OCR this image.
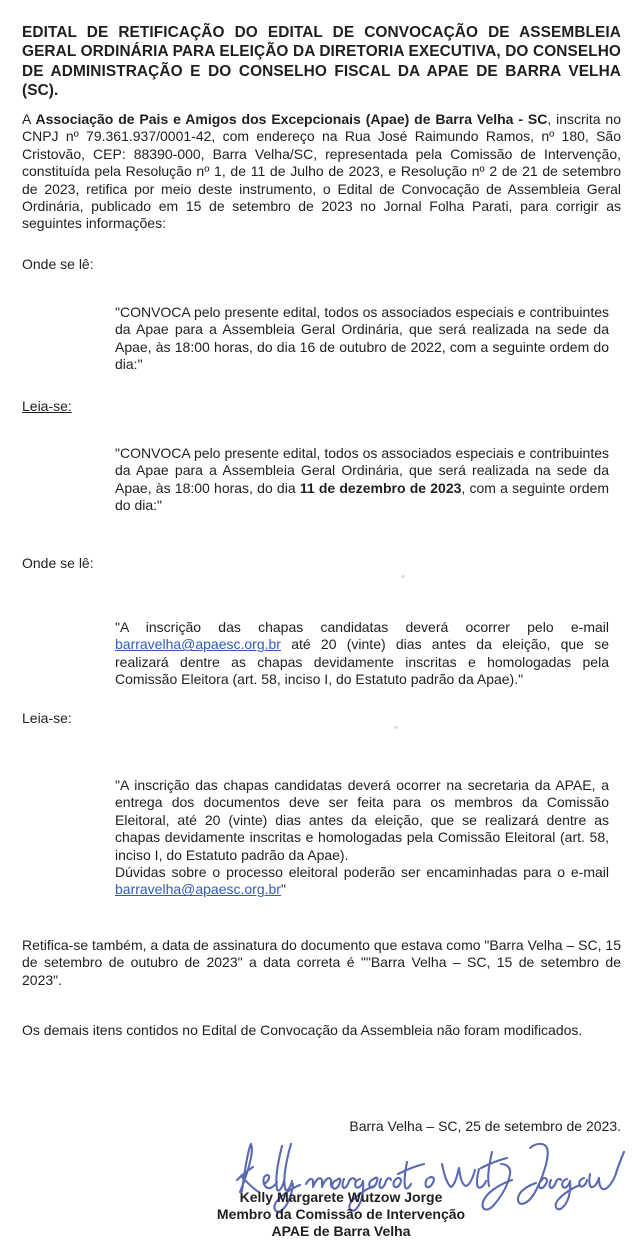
EDITAL DE RETIFICAÇÃO DO EDITAL DE CONVOCAÇÃO DE ASSEMBLEIA GERAL ORDINÁRIA PARA ELEIÇÃO DA DIRETORIA EXECUTIVA, DO CONSELHO DE ADMINISTRAÇÃO E DO CONSELHO FISCAL DA APAE DE BARRA VELHA (SC).

A Associação de Pais e Amigos dos Excepcionais (Apae) de Barra Velha - SC, inscrita no CNPJ nº 79.361.937/0001-42, com endereço na Rua José Raimundo Ramos, nº 180, São Cristovão, CEP: 88390-000, Barra Velha/SC, representada pela Comissão de Intervenção, constituída pela Resolução nº 1, de 11 de Julho de 2023, e Resolução nº 2 de 21 de setembro de 2023, retifica por meio deste instrumento, o Edital de Convocação de Assembleia Geral Ordinária, publicado em 15 de setembro de 2023 no Jornal Folha Parati, para corrigir as seguintes informações:

Onde se lê:

"CONVOCA pelo presente edital, todos os associados especiais e contribuintes da Apae para a Assembleia Geral Ordinária, que será realizada na sede da Apae, às 18:00 horas, do dia 16 de outubro de 2022, com a seguinte ordem do dia:"

Leia-se:

"CONVOCA pelo presente edital, todos os associados especiais e contribuintes da Apae para a Assembleia Geral Ordinária, que será realizada na sede da Apae, às 18:00 horas, do dia 11 de dezembro de 2023, com a seguinte ordem do dia:"

Onde se lê:

"A inscrição das chapas candidatas deverá ocorrer pelo e-mail barravelha@apaesc.org.br até 20 (vinte) dias antes da eleição, que se realizará dentre as chapas devidamente inscritas e homologadas pela Comissão Eleitora (art. 58, inciso I, do Estatuto padrão da Apae)."

Leia-se:

"A inscrição das chapas candidatas deverá ocorrer na secretaria da APAE, a entrega dos documentos deve ser feita para os membros da Comissão Eleitoral, até 20 (vinte) dias antes da eleição, que se realizará dentre as chapas devidamente inscritas e homologadas pela Comissão Eleitoral (art. 58, inciso I, do Estatuto padrão da Apae).
Dúvidas sobre o processo eleitoral poderão ser encaminhadas para o e-mail barravelha@apaesc.org.br"

Retifica-se também, a data de assinatura do documento que estava como "Barra Velha – SC, 15 de setembro de outubro de 2023" a data correta é ""Barra Velha – SC, 15 de setembro de 2023".

Os demais itens contidos no Edital de Convocação da Assembleia não foram modificados.

Barra Velha – SC, 25 de setembro de 2023.
Kelly Margarete Wutzow Jorge
Membro da Comissão de Intervenção
APAE de Barra Velha
